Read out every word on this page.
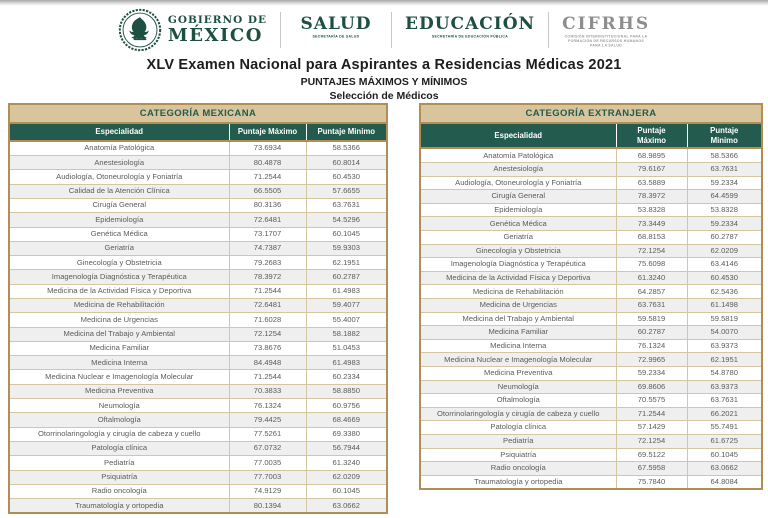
GOBIERNO DE
MÉXICO
SALUD
SECRETARÍA DE SALUD
EDUCACIÓN
SECRETARÍA DE EDUCACIÓN PÚBLICA
CIFRHS
COMISIÓN INTERINSTITUCIONAL PARA LA FORMACIÓN DE RECURSOS HUMANOS PARA LA SALUD
XLV Examen Nacional para Aspirantes a Residencias Médicas 2021
PUNTAJES MÁXIMOS Y MÍNIMOS
Selección de Médicos
CATEGORÍA MEXICANA		
Especialidad	Puntaje Máximo	Puntaje Minimo
Anatomía Patológica	73.6934	58.5366
Anestesiología	80.4878	60.8014
Audiología, Otoneurología y Foniatría	71.2544	60.4530
Calidad de la Atención Clínica	66.5505	57.6655
Cirugía General	80.3136	63.7631
Epidemiología	72.6481	54.5296
Genética Médica	73.1707	60.1045
Geriatría	74.7387	59.9303
Ginecología y Obstetricia	79.2683	62.1951
Imagenología Diagnóstica y Terapéutica	78.3972	60.2787
Medicina de la Actividad Física y Deportiva	71.2544	61.4983
Medicina de Rehabilitación	72.6481	59.4077
Medicina de Urgencias	71.6028	55.4007
Medicina del Trabajo y Ambiental	72.1254	58.1882
Medicina Familiar	73.8676	51.0453
Medicina Interna	84.4948	61.4983
Medicina Nuclear e Imagenología Molecular	71.2544	60.2334
Medicina Preventiva	70.3833	58.8850
Neumología	76.1324	60.9756
Oftalmología	79.4425	68.4669
Otorrinolaringología y cirugía de cabeza y cuello	77.5261	69.3380
Patología clínica	67.0732	56.7944
Pediatría	77.0035	61.3240
Psiquiatría	77.7003	62.0209
Radio oncología	74.9129	60.1045
Traumatología y ortopedia	80.1394	63.0662
CATEGORÍA EXTRANJERA		
Especialidad	Puntaje Máximo	Puntaje Minimo
Anatomía Patológica	68.9895	58.5366
Anestesiología	79.6167	63.7631
Audiología, Otoneurología y Foniatría	63.5889	59.2334
Cirugía General	78.3972	64.4599
Epidemiología	53.8328	53.8328
Genética Médica	73.3449	59.2334
Geriatría	68.8153	60.2787
Ginecología y Obstetricia	72.1254	62.0209
Imagenología Diagnóstica y Terapéutica	75.6098	63.4146
Medicina de la Actividad Física y Deportiva	61.3240	60.4530
Medicina de Rehabilitación	64.2857	62.5436
Medicina de Urgencias	63.7631	61.1498
Medicina del Trabajo y Ambiental	59.5819	59.5819
Medicina Familiar	60.2787	54.0070
Medicina Interna	76.1324	63.9373
Medicina Nuclear e Imagenología Molecular	72.9965	62.1951
Medicina Preventiva	59.2334	54.8780
Neumología	69.8606	63.9373
Oftalmología	70.5575	63.7631
Otorrinolaringología y cirugía de cabeza y cuello	71.2544	66.2021
Patología clínica	57.1429	55.7491
Pediatría	72.1254	61.6725
Psiquiatría	69.5122	60.1045
Radio oncología	67.5958	63.0662
Traumatología y ortopedia	75.7840	64.8084
